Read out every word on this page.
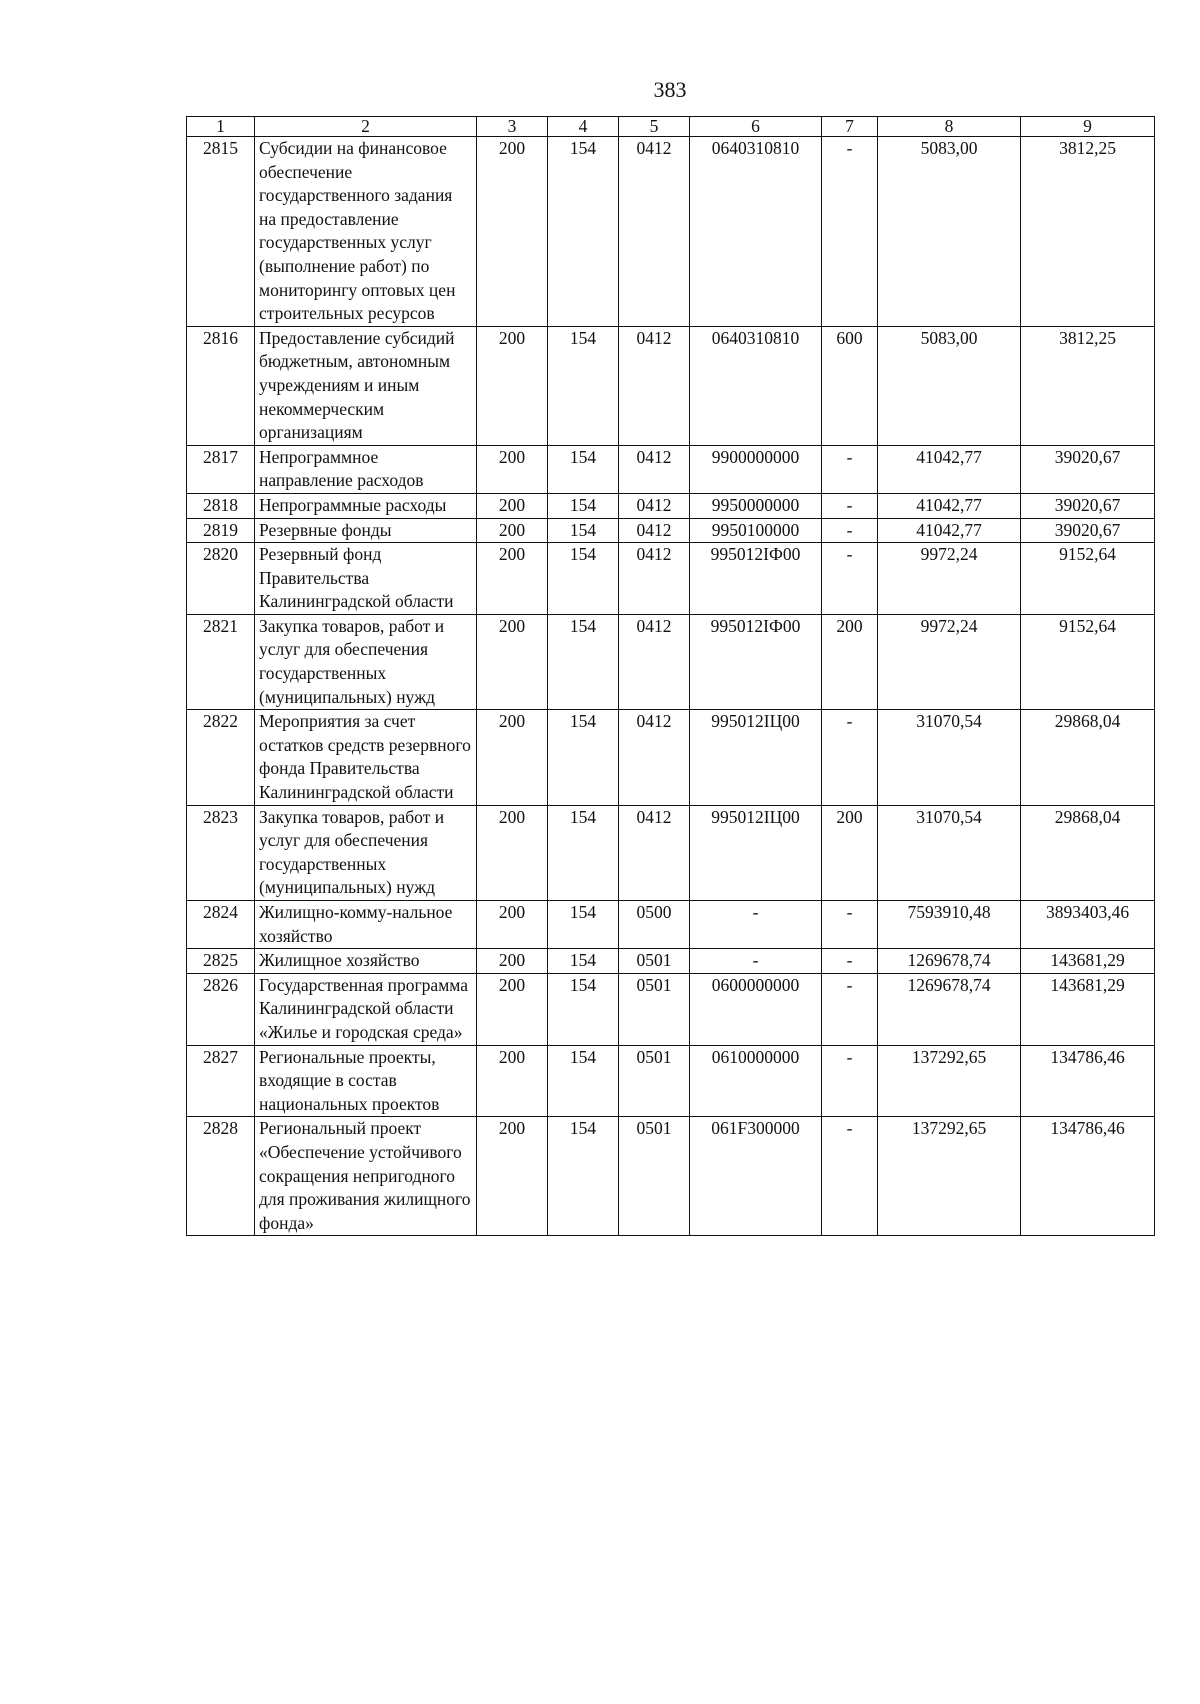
383
1	2	3	4	5	6	7	8	9
2815	Субсидии на финансовое обеспечение государственного задания на предоставление государственных услуг (выполнение работ) по мониторингу оптовых цен строительных ресурсов	200	154	0412	0640310810	-	5083,00	3812,25
2816	Предоставление субсидий бюджетным, автономным учреждениям и иным некоммерческим организациям	200	154	0412	0640310810	600	5083,00	3812,25
2817	Непрограммное направление расходов	200	154	0412	9900000000	-	41042,77	39020,67
2818	Непрограммные расходы	200	154	0412	9950000000	-	41042,77	39020,67
2819	Резервные фонды	200	154	0412	9950100000	-	41042,77	39020,67
2820	Резервный фонд Правительства Калининградской области	200	154	0412	995012IФ00	-	9972,24	9152,64
2821	Закупка товаров, работ и услуг для обеспечения государственных (муниципальных) нужд	200	154	0412	995012IФ00	200	9972,24	9152,64
2822	Мероприятия за счет остатков средств резервного фонда Правительства Калининградской области	200	154	0412	995012IЦ00	-	31070,54	29868,04
2823	Закупка товаров, работ и услуг для обеспечения государственных (муниципальных) нужд	200	154	0412	995012IЦ00	200	31070,54	29868,04
2824	Жилищно-комму-нальное хозяйство	200	154	0500	-	-	7593910,48	3893403,46
2825	Жилищное хозяйство	200	154	0501	-	-	1269678,74	143681,29
2826	Государственная программа Калининградской области «Жилье и городская среда»	200	154	0501	0600000000	-	1269678,74	143681,29
2827	Региональные проекты, входящие в состав национальных проектов	200	154	0501	0610000000	-	137292,65	134786,46
2828	Региональный проект «Обеспечение устойчивого сокращения непригодного для проживания жилищного фонда»	200	154	0501	061F300000	-	137292,65	134786,46
